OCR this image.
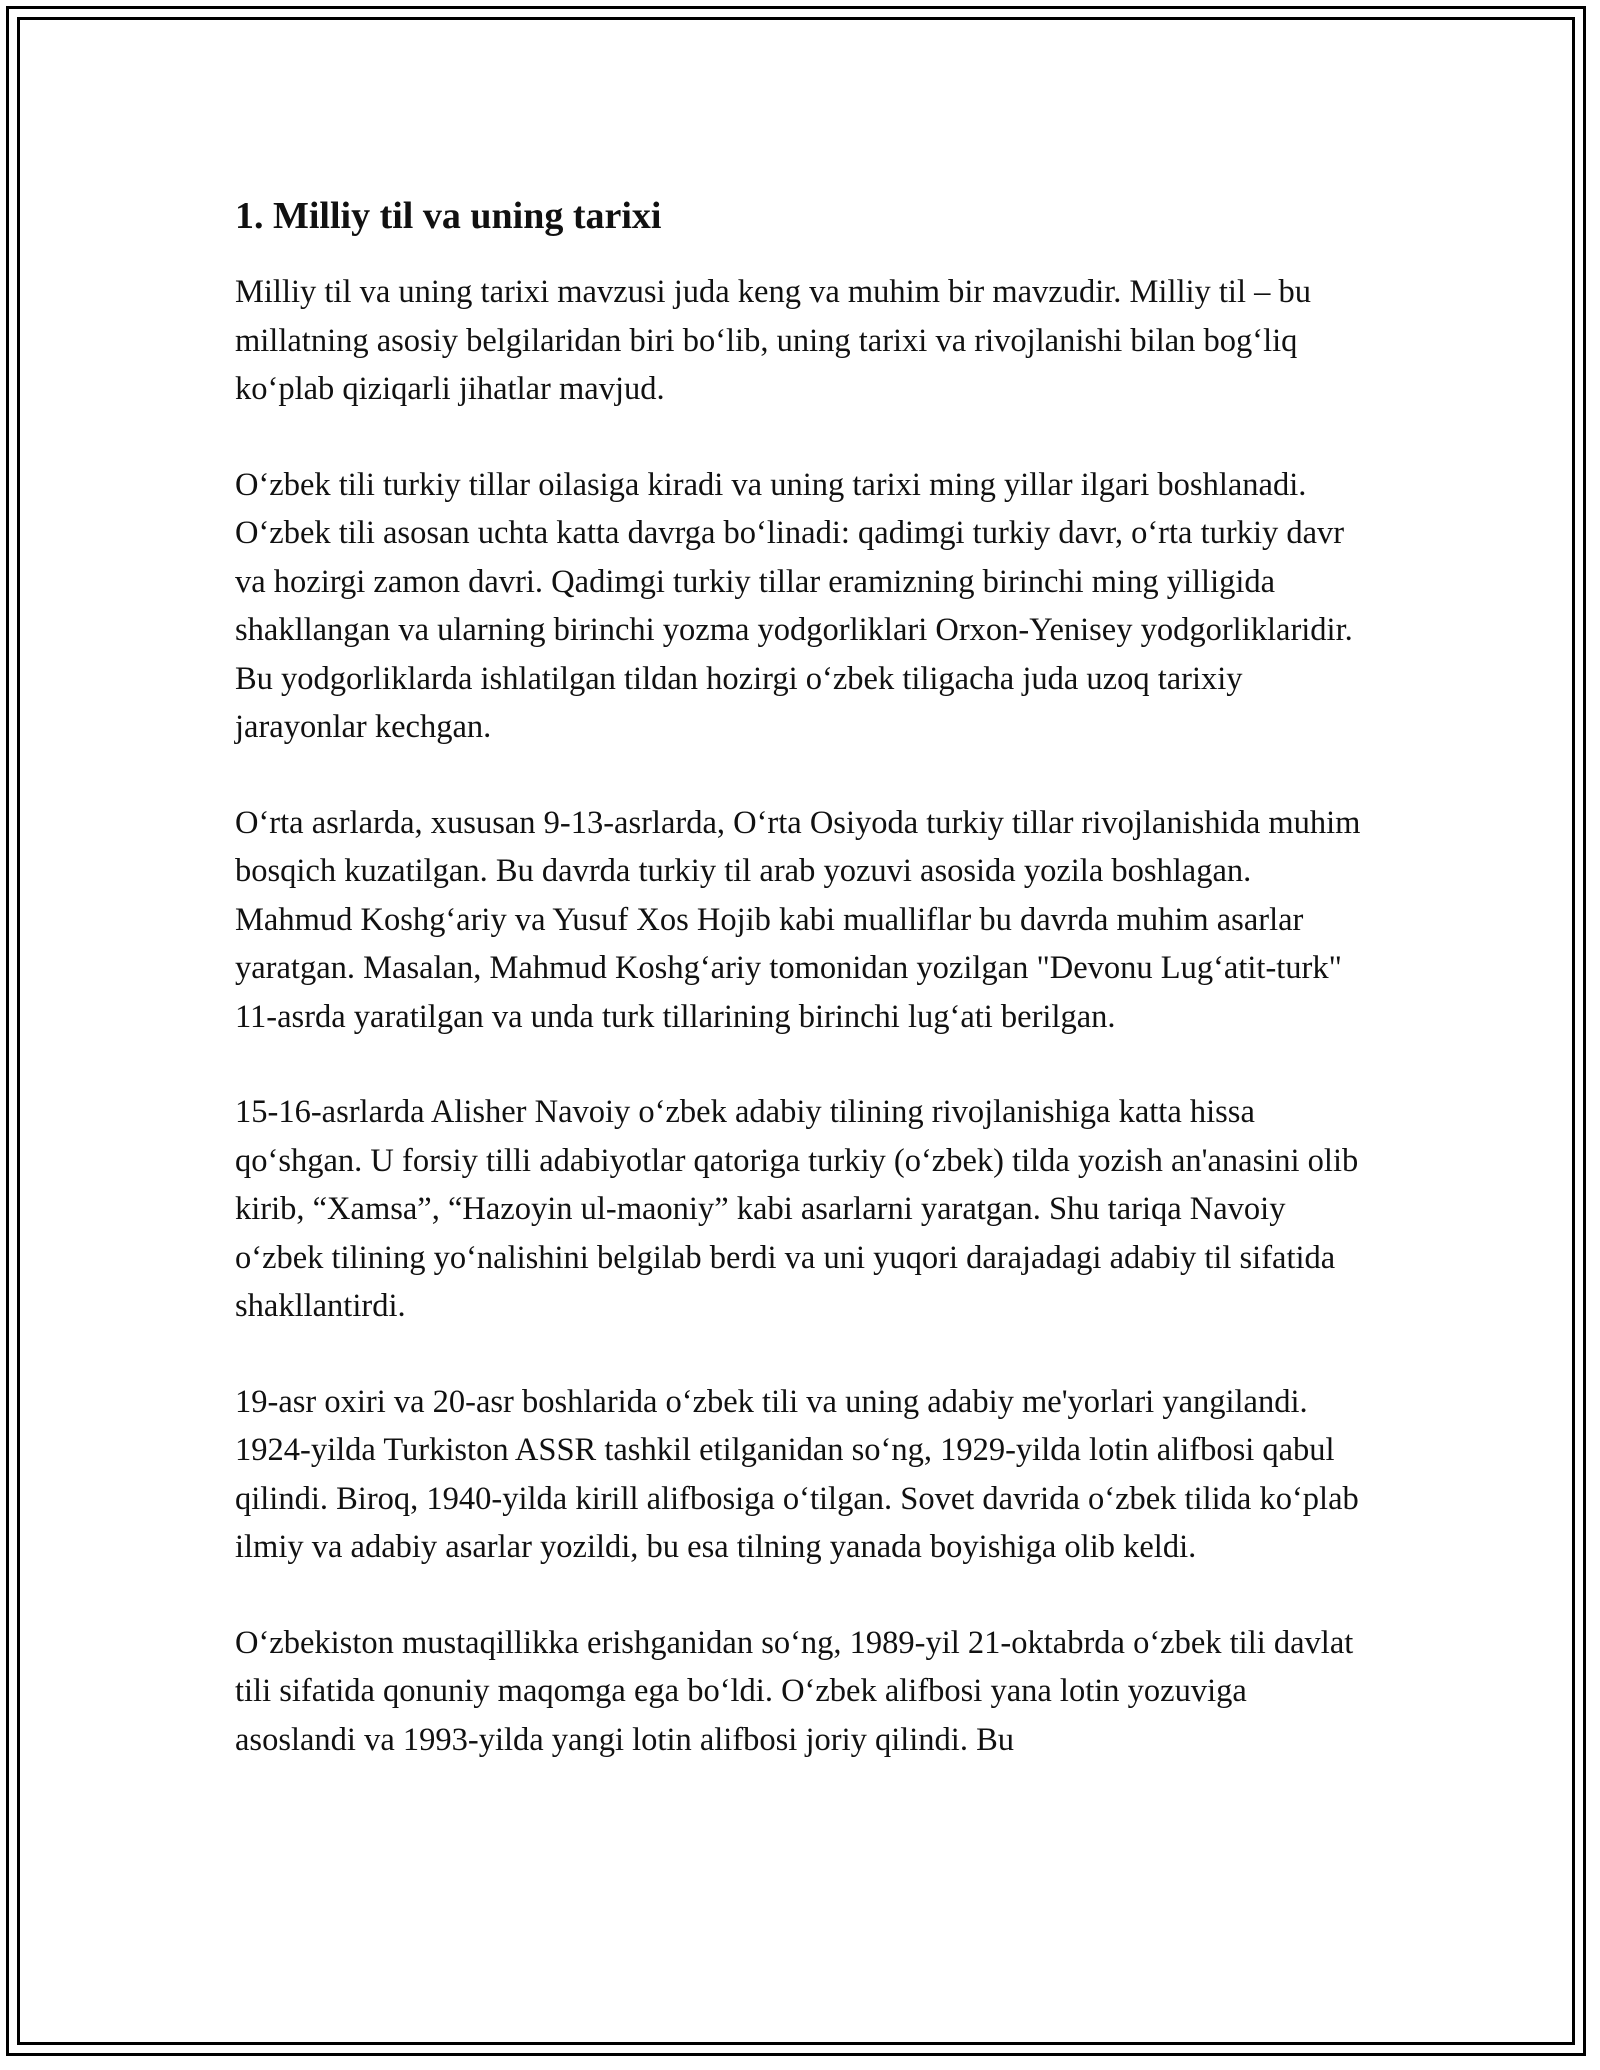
1. Milliy til va uning tarixi

Milliy til va uning tarixi mavzusi juda keng va muhim bir mavzudir. Milliy til – bu millatning asosiy belgilaridan biri bo‘lib, uning tarixi va rivojlanishi bilan bog‘liq ko‘plab qiziqarli jihatlar mavjud.

O‘zbek tili turkiy tillar oilasiga kiradi va uning tarixi ming yillar ilgari boshlanadi. O‘zbek tili asosan uchta katta davrga bo‘linadi: qadimgi turkiy davr, o‘rta turkiy davr va hozirgi zamon davri. Qadimgi turkiy tillar eramizning birinchi ming yilligida shakllangan va ularning birinchi yozma yodgorliklari Orxon-Yenisey yodgorliklaridir. Bu yodgorliklarda ishlatilgan tildan hozirgi o‘zbek tiligacha juda uzoq tarixiy jarayonlar kechgan.

O‘rta asrlarda, xususan 9-13-asrlarda, O‘rta Osiyoda turkiy tillar rivojlanishida muhim bosqich kuzatilgan. Bu davrda turkiy til arab yozuvi asosida yozila boshlagan. Mahmud Koshg‘ariy va Yusuf Xos Hojib kabi mualliflar bu davrda muhim asarlar yaratgan. Masalan, Mahmud Koshg‘ariy tomonidan yozilgan "Devonu Lug‘atit-turk" 11-asrda yaratilgan va unda turk tillarining birinchi lug‘ati berilgan.

15-16-asrlarda Alisher Navoiy o‘zbek adabiy tilining rivojlanishiga katta hissa qo‘shgan. U forsiy tilli adabiyotlar qatoriga turkiy (o‘zbek) tilda yozish an'anasini olib kirib, “Xamsa”, “Hazoyin ul-maoniy” kabi asarlarni yaratgan. Shu tariqa Navoiy o‘zbek tilining yo‘nalishini belgilab berdi va uni yuqori darajadagi adabiy til sifatida shakllantirdi.

19-asr oxiri va 20-asr boshlarida o‘zbek tili va uning adabiy me'yorlari yangilandi. 1924-yilda Turkiston ASSR tashkil etilganidan so‘ng, 1929-yilda lotin alifbosi qabul qilindi. Biroq, 1940-yilda kirill alifbosiga o‘tilgan. Sovet davrida o‘zbek tilida ko‘plab ilmiy va adabiy asarlar yozildi, bu esa tilning yanada boyishiga olib keldi.

O‘zbekiston mustaqillikka erishganidan so‘ng, 1989-yil 21-oktabrda o‘zbek tili davlat tili sifatida qonuniy maqomga ega bo‘ldi. O‘zbek alifbosi yana lotin yozuviga asoslandi va 1993-yilda yangi lotin alifbosi joriy qilindi. Bu
